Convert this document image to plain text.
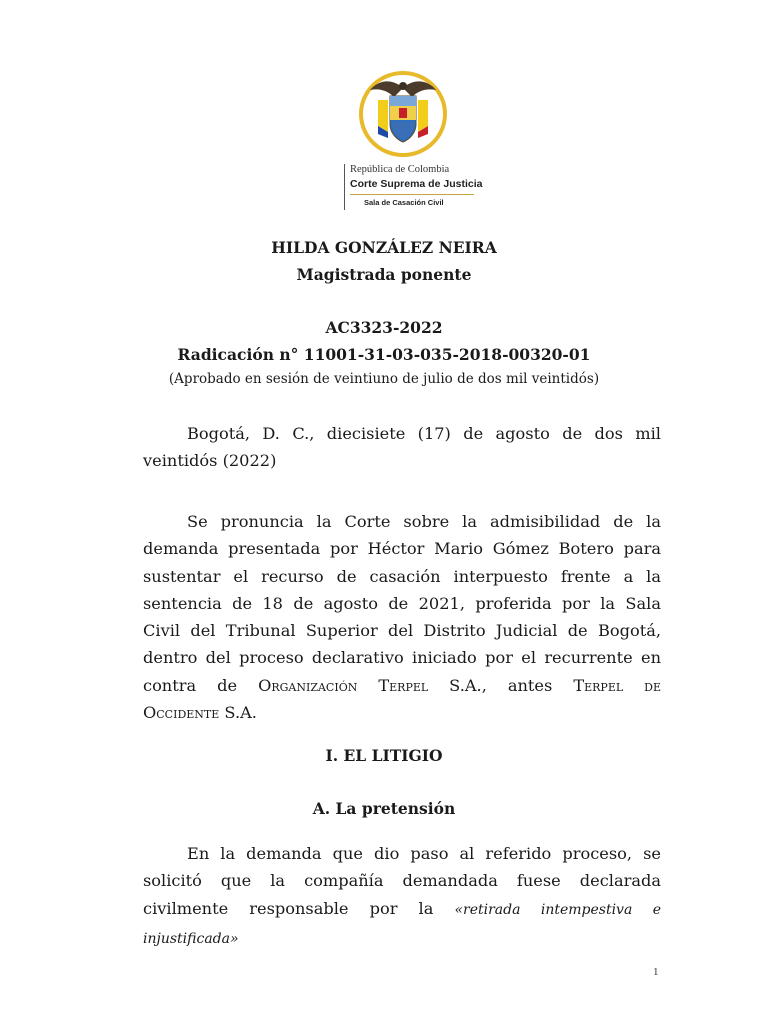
República de Colombia
Corte Suprema de Justicia
Sala de Casación Civil
HILDA GONZÁLEZ NEIRA
Magistrada ponente
AC3323-2022
Radicación n° 11001-31-03-035-2018-00320-01
(Aprobado en sesión de veintiuno de julio de dos mil veintidós)
Bogotá, D. C., diecisiete (17) de agosto de dos mil
veintidós (2022)
Se pronuncia la Corte sobre la admisibilidad de la
demanda presentada por Héctor Mario Gómez Botero para
sustentar el recurso de casación interpuesto frente a la
sentencia de 18 de agosto de 2021, proferida por la Sala
Civil del Tribunal Superior del Distrito Judicial de Bogotá,
dentro del proceso declarativo iniciado por el recurrente en
contra de Organización Terpel S.A., antes Terpel de
Occidente S.A.
I. EL LITIGIO
A. La pretensión
En la demanda que dio paso al referido proceso, se
solicitó que la compañía demandada fuese declarada
civilmente responsable por la «retirada intempestiva e injustificada»
1
